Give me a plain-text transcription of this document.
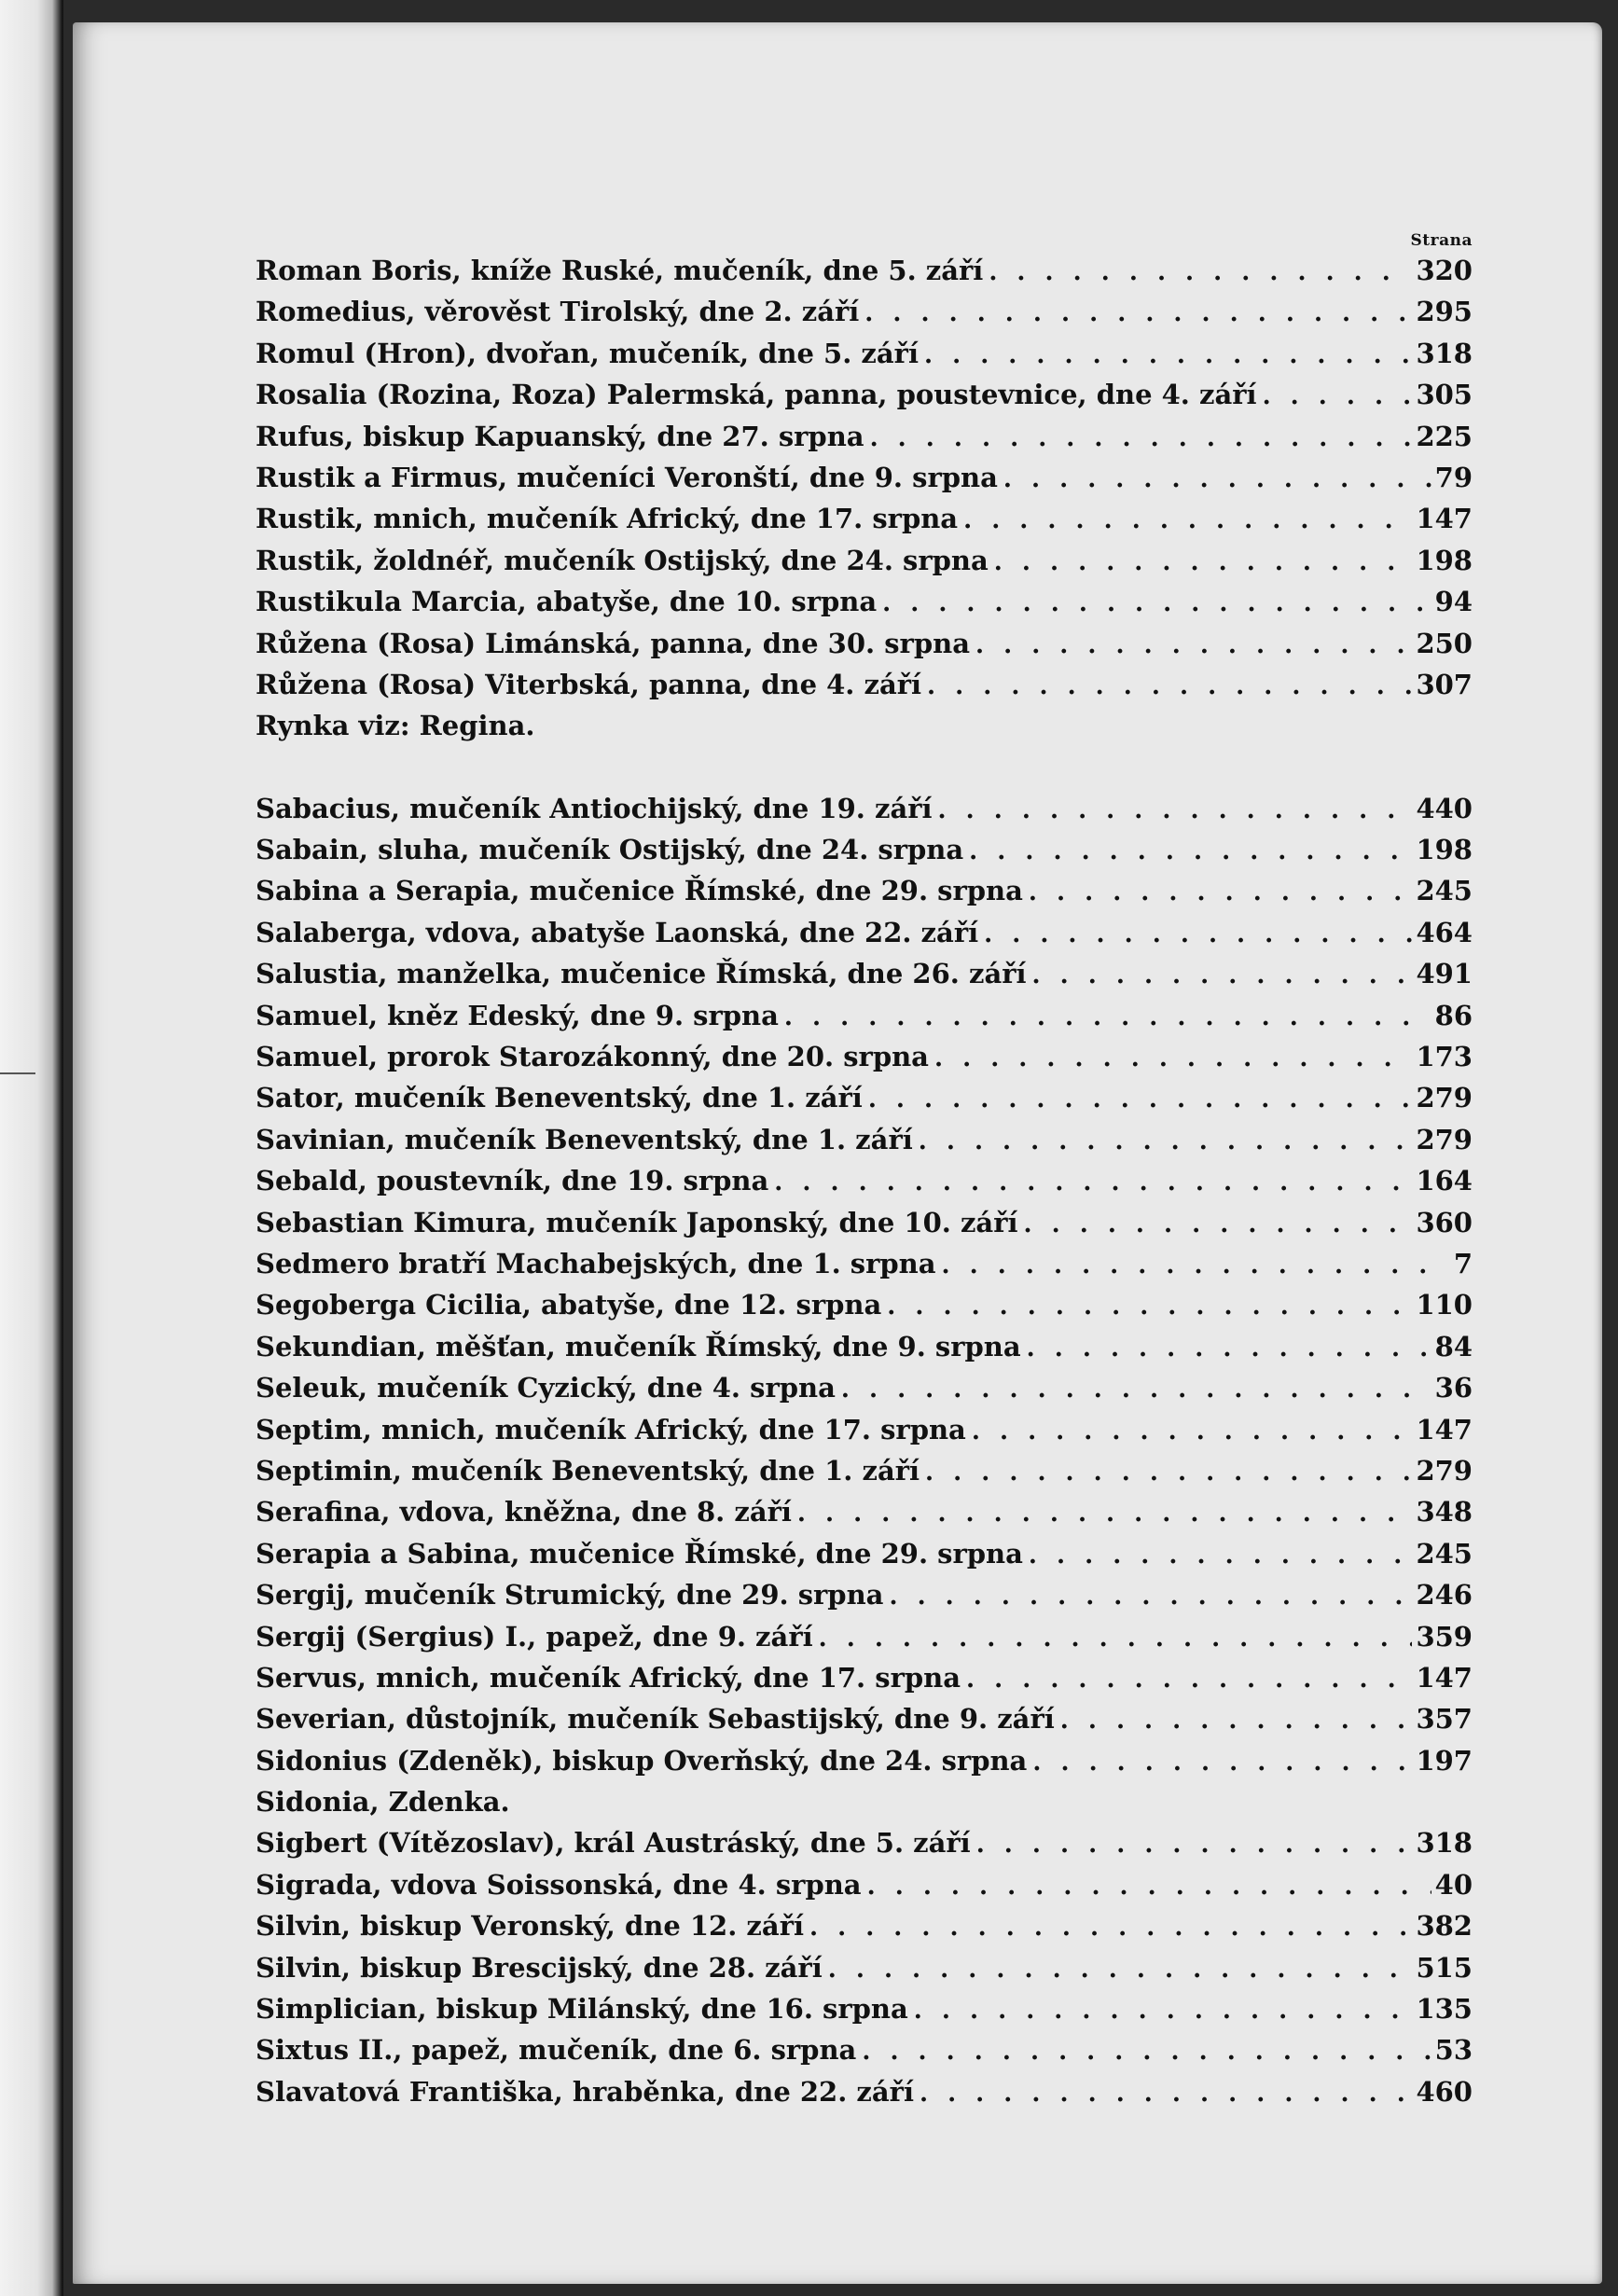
Strana
Roman Boris, kníže Ruské, mučeník, dne 5. září . . .	320
Romedius, věrověst Tirolský, dne 2. září . . .	295
Romul (Hron), dvořan, mučeník, dne 5. září . . .	318
Rosalia (Rozina, Roza) Palermská, panna, poustevnice, dne 4. září . . .	305
Rufus, biskup Kapuanský, dne 27. srpna . . .	225
Rustik a Firmus, mučeníci Veronští, dne 9. srpna . . .	79
Rustik, mnich, mučeník Africký, dne 17. srpna . . .	147
Rustik, žoldnéř, mučeník Ostijský, dne 24. srpna . . .	198
Rustikula Marcia, abatyše, dne 10. srpna . . .	94
Růžena (Rosa) Limánská, panna, dne 30. srpna . . .	250
Růžena (Rosa) Viterbská, panna, dne 4. září . . .	307
Rynka viz: Regina.
Sabacius, mučeník Antiochijský, dne 19. září . . .	440
Sabain, sluha, mučeník Ostijský, dne 24. srpna . . .	198
Sabina a Serapia, mučenice Římské, dne 29. srpna . . .	245
Salaberga, vdova, abatyše Laonská, dne 22. září . . .	464
Salustia, manželka, mučenice Římská, dne 26. září . . .	491
Samuel, kněz Edeský, dne 9. srpna . . .	86
Samuel, prorok Starozákonný, dne 20. srpna . . .	173
Sator, mučeník Beneventský, dne 1. září . . .	279
Savinian, mučeník Beneventský, dne 1. září . . .	279
Sebald, poustevník, dne 19. srpna . . .	164
Sebastian Kimura, mučeník Japonský, dne 10. září . . .	360
Sedmero bratří Machabejských, dne 1. srpna . . .	7
Segoberga Cicilia, abatyše, dne 12. srpna . . .	110
Sekundian, měšťan, mučeník Římský, dne 9. srpna . . .	84
Seleuk, mučeník Cyzický, dne 4. srpna . . .	36
Septim, mnich, mučeník Africký, dne 17. srpna . . .	147
Septimin, mučeník Beneventský, dne 1. září . . .	279
Serafina, vdova, kněžna, dne 8. září . . .	348
Serapia a Sabina, mučenice Římské, dne 29. srpna . . .	245
Sergij, mučeník Strumický, dne 29. srpna . . .	246
Sergij (Sergius) I., papež, dne 9. září . . .	359
Servus, mnich, mučeník Africký, dne 17. srpna . . .	147
Severian, důstojník, mučeník Sebastijský, dne 9. září . . .	357
Sidonius (Zdeněk), biskup Overňský, dne 24. srpna . . .	197
Sidonia, Zdenka.
Sigbert (Vítězoslav), král Austráský, dne 5. září . . .	318
Sigrada, vdova Soissonská, dne 4. srpna . . .	40
Silvin, biskup Veronský, dne 12. září . . .	382
Silvin, biskup Brescijský, dne 28. září . . .	515
Simplician, biskup Milánský, dne 16. srpna . . .	135
Sixtus II., papež, mučeník, dne 6. srpna . . .	53
Slavatová Františka, hraběnka, dne 22. září . . .	460
